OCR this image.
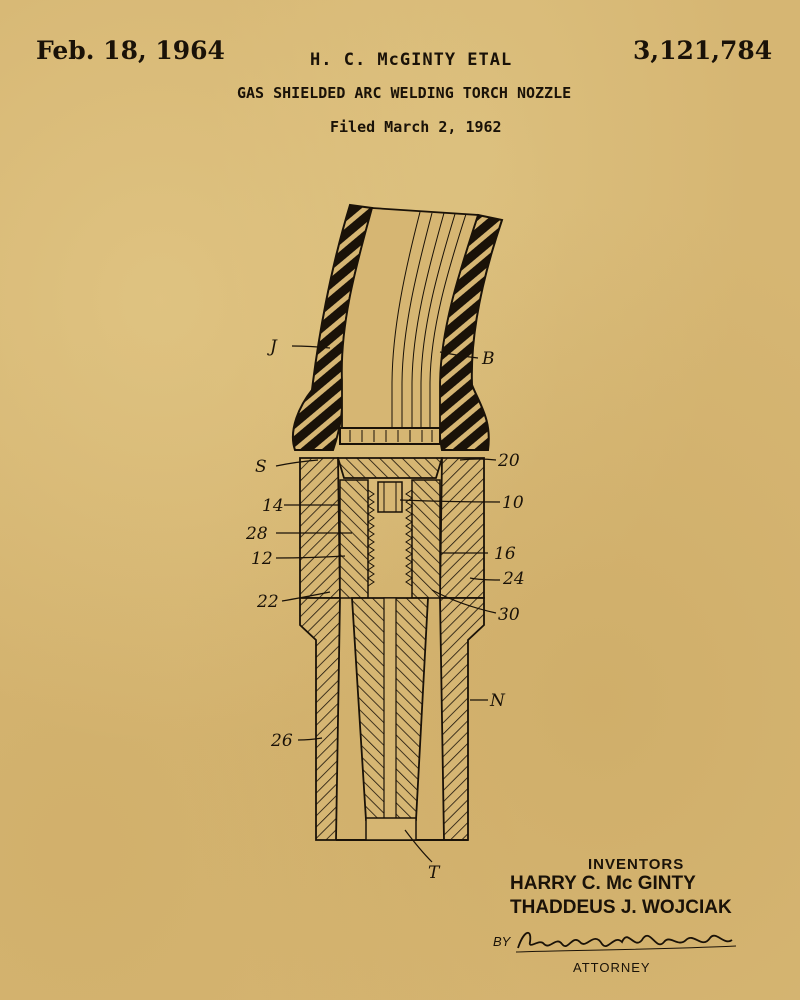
Feb. 18, 1964	H. C. McGINTY ETAL	3,121,784
GAS SHIELDED ARC WELDING TORCH NOZZLE
Filed March 2, 1962
J
B
S	20
14	10
28
12	16
24
22
30
N
26
T	INVENTORS
HARRY C. Mc GINTY
THADDEUS J. WOJCIAK
BY
ATTORNEY
